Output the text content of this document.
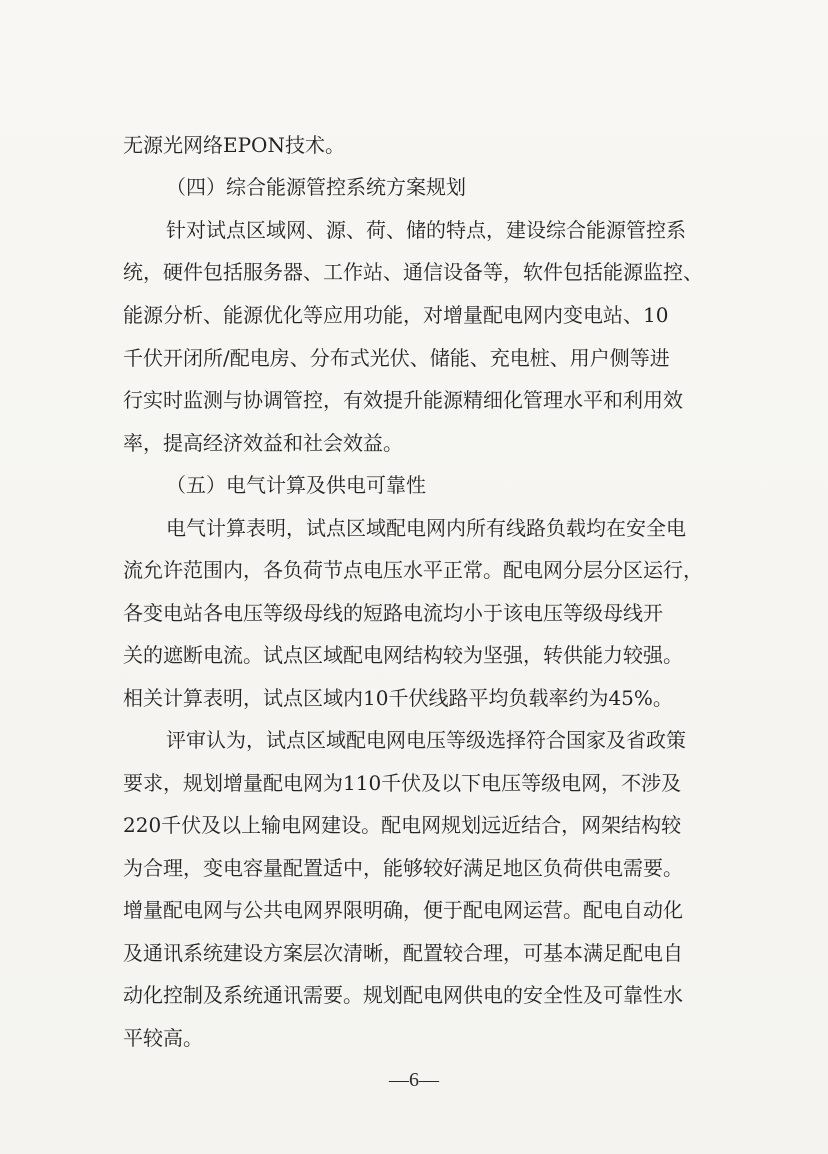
无源光网络EPON技术。

（四）综合能源管控系统方案规划

针对试点区域网、源、荷、储的特点，建设综合能源管控系

统，硬件包括服务器、工作站、通信设备等，软件包括能源监控、

能源分析、能源优化等应用功能，对增量配电网内变电站、10

千伏开闭所/配电房、分布式光伏、储能、充电桩、用户侧等进

行实时监测与协调管控，有效提升能源精细化管理水平和利用效

率，提高经济效益和社会效益。

（五）电气计算及供电可靠性

电气计算表明，试点区域配电网内所有线路负载均在安全电

流允许范围内，各负荷节点电压水平正常。配电网分层分区运行，

各变电站各电压等级母线的短路电流均小于该电压等级母线开

关的遮断电流。试点区域配电网结构较为坚强，转供能力较强。

相关计算表明，试点区域内10千伏线路平均负载率约为45%。

评审认为，试点区域配电网电压等级选择符合国家及省政策

要求，规划增量配电网为110千伏及以下电压等级电网，不涉及

220千伏及以上输电网建设。配电网规划远近结合，网架结构较

为合理，变电容量配置适中，能够较好满足地区负荷供电需要。

增量配电网与公共电网界限明确，便于配电网运营。配电自动化

及通讯系统建设方案层次清晰，配置较合理，可基本满足配电自

动化控制及系统通讯需要。规划配电网供电的安全性及可靠性水

平较高。

—6—
